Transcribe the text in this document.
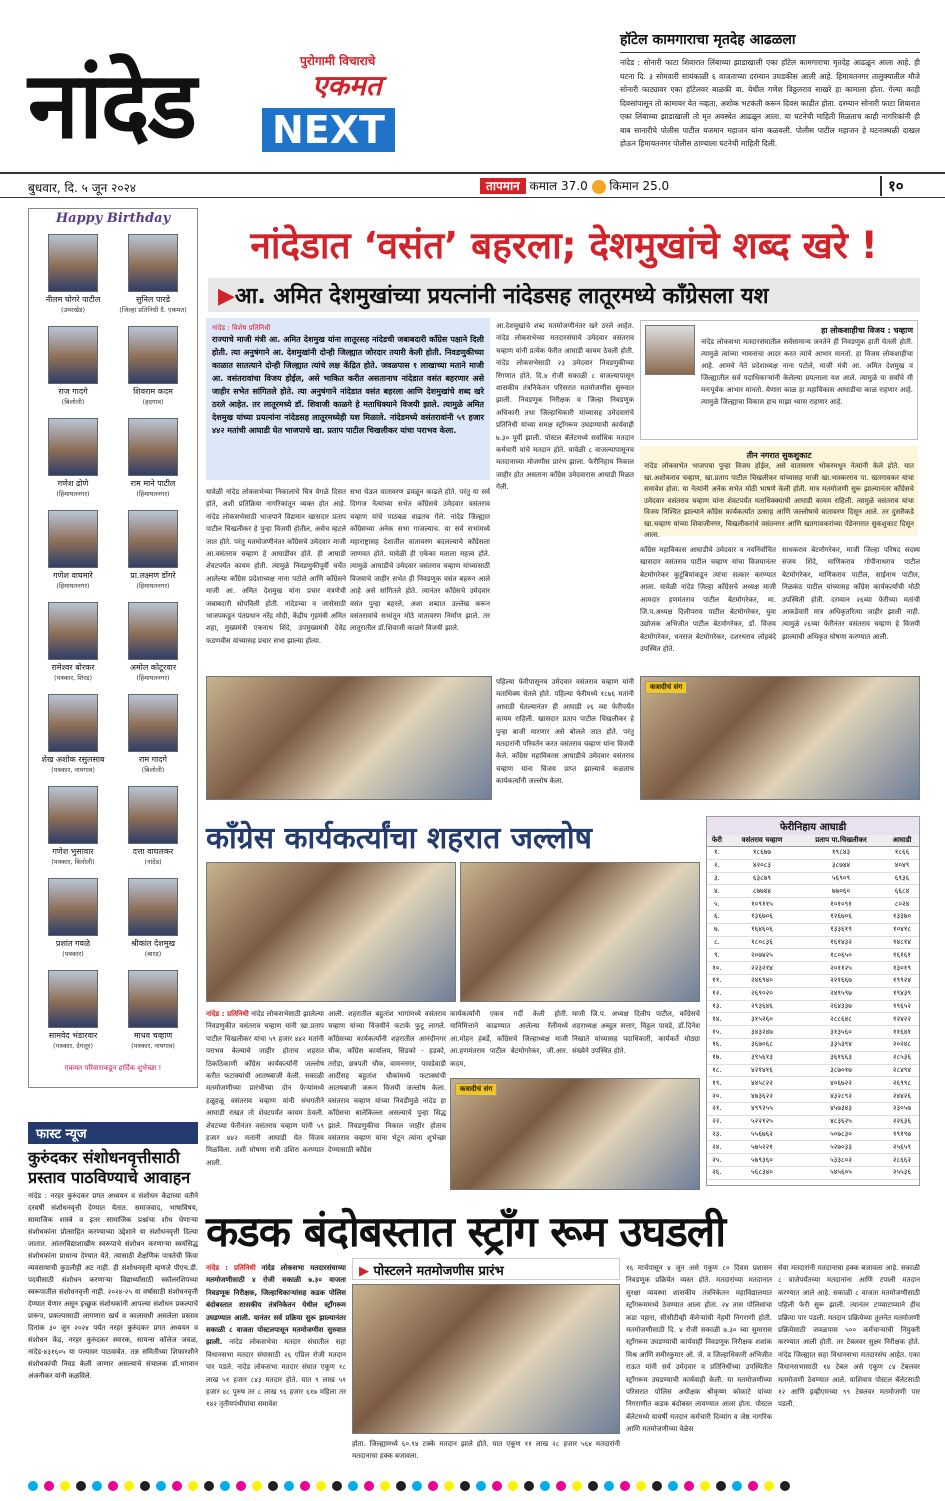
नांदेड	पुरोगामी विचाराचे
एकमत
NEXT
हॉटेल कामगाराचा मृतदेह आढळला

नांदेड : सोनारी फाटा शिवारात लिंबाच्या झाडाखाली एका हॉटेल कामगाराचा मृतदेह आढळून आला आहे. ही घटना दि. ३ सोमवारी सायंकाळी ६ वाजताच्या दरम्यान उघडकीस आली आहे. हिमायतनगर तालुक्यातील मौजे सोनारी फाट्यावर एका हॉटेलवर बाळकी वा. येथील गणेश विठ्ठलराव साखरे हा कामाला होता. गेल्या काही दिवसांपासून तो कामावर येत नव्हता, अशोक भटकंती करून दिवस काढीत होता. दरम्यान सोनारी फाटा शिवारात एका लिंबाच्या झाडाखाली तो मृत अवस्थेत आढळून आला. या घटनेची माहिती मिळताच काही नागरिकांनी ही बाब सानारीचे पोलीस पाटील यजमान महाजन यांना कळवली. पोलीस पाटील महाजन हे घटनास्थळी दाखल होऊन हिमायतनगर पोलीस ठाण्याला घटनेची माहिती दिली.

बुधवार, दि. ५ जून २०२४	तापमान कमाल 37.0 किमान 25.0	१०
Happy Birthday
नीलम घोगरे पाटील
(उमरखेड)
सुनिल पारडे
(जिल्हा प्रतिनिधी दै. एकमत)
राज गादगे
(बिलोली)
शिवराम कदम
(हदगाव)
गणेश ढोणे
(हिमायतनगर)
राम माने पाटील
(हिमायतनगर)
गणेश वाघमारे
(हिमायतनगर)
प्रा.लक्ष्मण डोंगरे
(हिमायतनगर)
रामेश्वर बोरकर
(पत्रकार, शिरड)
अमोल कोटूरवार
(हिमायतनगर)
शेख अशोक रसुलसाब
(पत्रकार, नायगाव)
राम गादगे
(बिलोली)
गणेश भुसावार
(पत्रकार, बिलोली)
दत्ता वाघलकर
(नांदेड)
प्रशांत गवळे
(पत्रकार)
श्रीकांत देशमुख
(बारड)
सामवेद भंडारवार
(पत्रकार, देगलूर)
माधव चव्हाण
(पत्रकार, नायगाव)
एकमत परिवाराकडून हार्दिक शुभेच्छा !
फास्ट न्यूज
कुरुंदकर संशोधनवृत्तीसाठी प्रस्ताव पाठविण्याचे आवाहन

नांदेड : नरहर कुरुंदकर प्रगत अध्ययन व संशोधन केंद्राच्या वतीने दरवर्षी संशोधनवृत्ती देण्यात येतात. समाजवाद, भाषाविषय, सामाजिक शास्त्रे व इतर सामाजिक प्रश्नांचा शोध घेणाऱ्या संशोधकांना प्रोत्साहित करण्याच्या उद्देशाने या संशोधनवृत्ती दिल्या जातात. आंतरविद्याशाखीय स्वरूपाचे संशोधन करणाऱ्या स्वयंसिद्ध संशोधकांना प्राधान्य देण्यात येते. त्यासाठी शैक्षणिक पात्रतेची किंवा व्यवसायाची कुठलीही अट नाही. ही संशोधनवृत्ती म्हणजे पीएच.डी. पदवीसाठी संशोधन करणाऱ्या विद्यार्थ्यांसाठी स्कॉलरशिपच्या स्वरूपातील संशोधनवृत्ती नाही. २०२४-२५ या वर्षासाठी संशोधनवृत्ती देण्यात येणार असून इच्छुक संशोधकांनी आपल्या संशोधन प्रकल्पाचे प्रारूप, प्रकल्पासाठी लागणारा खर्च व कालावधी असलेला प्रस्ताव दिनांक ३० जून २०२४ पर्यंत नरहर कुरुंदकर प्रगत अध्ययन व संशोधन केंद्र, नरहर कुरुंदकर स्मारक, सायन्स कॉलेज जवळ, नांदेड-४३१६०५ या पत्त्यावर पाठवावेत. तज्ञ समितीच्या शिफारशीने संशोधकांची निवड केली जाणार असल्याचे संचालक डॉ.भगवान अंजनीकर यांनी कळविले.

नांदेडात ‘वसंत’ बहरला; देशमुखांचे शब्द खरे !
▶आ. अमित देशमुखांच्या प्रयत्नांनी नांदेडसह लातूरमध्ये काँग्रेसला यश
नांदेड : विशेष प्रतिनिधी

राज्याचे माजी मंत्री आ. अमित देशमुख यांना लातूरसह नांदेडची जबाबदारी काँग्रेस पक्षाने दिली होती. त्या अनुषंगाने आ. देशमुखांनी दोन्ही जिल्ह्यात जोरदार तयारी केली होती. निवडणुकीच्या काळात सातत्याने दोन्ही जिल्ह्यात त्यांचे लक्ष केंद्रित होते. जवळपास १ लाखाच्या मताने माजी आ. वसंतरावांचा विजय होईल, असे भाकित करीत असतानाच नांदेडात वसंत बहरणार असे जाहीर सभेत सांगितले होते. त्या अनुषंगाने नांदेडात वसंत बहरला आणि देशमुखांचे शब्द खरे ठरले आहेत. तर लातूरमध्ये डॉ. शिवाजी काळगे हे मताधिक्याने विजयी झाले. त्यामुळे अमित देशमुख यांच्या प्रयत्नांना नांदेडसह लातूरमध्येही यश मिळाले. नांदेडमध्ये वसंतरावांनी ५९ हजार ४४२ मतांची आघाडी घेत भाजपाचे खा. प्रताप पाटील चिखलीकर यांचा पराभव केला.

यावेळी नांदेड लोकसभेच्या निकालाचे चित्र वेगळे दिसत होते, अशी प्रतिक्रिया नागरिकांतून व्यक्त होत आहे. नांदेड लोकसभेसाठी भाजपाने विद्यमान खासदार प्रताप पाटील चिखलीकर हे पुन्हा विजयी होतील, असेच म्हटले जात होते. परंतु मतमोजणीनंतर काँग्रेसचे उमेदवार माजी आ.वसंतराव चव्हाण हे आघाडीवर होते. ही आघाडी शेवटपर्यंत कायम होती. त्यामुळे निवडणुकीपूर्वी चर्चेत आलेल्या काँग्रेस प्रदेशाध्यक्ष नाना पटोले आणि काँग्रेसने माजी आ. अमित देशमुख यांना प्रचार यंत्रणेची जबाबदारी सोपविली होती. नांदेडच्या व जासेसाठी भाजपकडून पंतप्रधान नरेंद्र मोदी, केंद्रीय गृहमंत्री अमित शहा, मुख्यमंत्री एकनाथ शिंदे, उपमुख्यमंत्री देवेंद्र फडणवीस यांच्यासह प्रचार सभा झाल्या होत्या.
सभा घेऊन वातावरण ढवळून काढले होते. परंतु या सर्व दिग्गज नेत्यांच्या सभेत काँग्रेसचे उमेदवार वसंतराव चव्हाण यांचे पाठबळ वाढतच गेले. नांदेड जिल्ह्यात काँग्रेसच्या अनेक सभा गाजल्याच. या सर्व सभांमध्ये महाराष्ट्रासह देशातील वातावरण बदलल्याचे काँग्रेसला जाणवत होते. यावेळी ही एकेका मताला महत्त्व होते. त्यामुळे आघाडीचे उमेदवार वसंतराव चव्हाण यांच्यासाठी विजयाचे जाहीर सभेत ही निवडणूक वसंत बहरुन आले आहे असे सांगितले होते. त्यानंतर काँग्रेसचे उमेदवार वसंत पुन्हा बहरले, अशा शब्दात उल्लेख करून वसंतरावांचे सभांतून मोठे वातावरण निर्माण झाले. तर लातूरातील डॉ.शिवाजी काळगे विजयी झाले.
आ.देशमुखांचे शब्द मतमोजणीनंतर खरे ठरले आहेत. नांदेड लोकसभेच्या मतदारसंघाचे उमेदवार वसंतराव चव्हाण यांनी प्रत्येक फेरीत आघाडी कायम ठेवली होती. नांदेड लोकसभेसाठी २३ उमेदवार निवडणुकीच्या रिंगणात होते. दि.४ रोजी सकाळी ८ वाजल्यापासून शासकीय तंत्रनिकेतन परिसरात मतमोजणीस सुरुवात झाली. निवडणूक निरीक्षक व जिल्हा निवडणूक अधिकारी तथा जिल्हाधिकारी यांच्यासह उमेदवारांचे प्रतिनिधी यांच्या समक्ष स्ट्राँगरूम उघडण्याची कार्यवाही ७.३० पूर्वी झाली. पोस्टल बॅलेटमध्ये सर्वाधिक मतदान कर्मचारी यांचे मतदान होते. यावेळी ८ वाजल्यापासूनच मतदानाच्या मोजणीस प्रारंभ झाला. फेरीनिहाय निकाल जाहीर होत असताना काँग्रेस उमेदवारास आघाडी मिळत गेली.
हा लोकशाहीचा विजय : चव्हाण
नांदेड लोकसभा मतदारसंघातील सर्वसामान्य जनतेने ही निवडणूक हाती घेतली होती. त्यामुळे त्यांच्या भावनांचा आदर करत त्यांचे आभार मानतो. हा विजय लोकशाहीचा आहे. आमचे नेते प्रदेशाध्यक्ष नाना पटोले, माजी मंत्री आ. अमित देशमुख व जिल्ह्यातील सर्व पदाधिकाऱ्यांनी केलेल्या प्रयत्नाला यश आले. त्यामुळे या सर्वांचे मी मनःपूर्वक आभार मानतो. येणारा काळ हा महाविकास आघाडीचा काळ राहणार आहे. त्यामुळे जिल्ह्याचा विकास हाच माझा ध्यास राहणार आहे.
तीन नगरात सुकशुकाट
नांदेड लोकसभेत भाजपचा पुन्हा विजय होईल, असे वातावरण भोकरमधून नेत्यांनी केले होते. यात खा.अशोकराव चव्हाण, खा.प्रताप पाटील चिखलीकर यांच्यासह माजी खा.भास्करराव पा. खतगावकर यांचा समावेश होता. या नेत्यांनी अनेक सभेत मोठी भाषणे केली होती. मात्र मतमोजणी सुरू झाल्यानंतर काँग्रेसचे उमेदवार वसंतराव चव्हाण यांना शेवटपर्यंत मताधिक्क्याची आघाडी कायम राहिली. त्यामुळे वसंतराव यांचा विजय निश्चित झाल्याने काँग्रेस कार्यकर्त्यांत उत्साह आणि जल्लोषाचे वातावरण दिसून आले. तर दुसरीकडे खा.चव्हाण यांच्या शिवाजीनगर, चिखलीकरांचे वसंतनगर आणि खतगावकरांच्या पेंडेनगरात सुकशुकाट दिसून आला.
कॉंग्रेस महाविकास आघाडीचे उमेदवार व नवनिर्वाचित खासदार वसंतराव पाटील चव्हाण यांचा विजयानंतर बेटमोगरेकर कुटुंबियांकडून त्यांचा सत्कार करण्यात आला. यावेळी नांदेड जिल्हा काँग्रेसचे अध्यक्ष माजी आमदार हणमंतराव पाटील बेटमोगरेकर, मा. जि.प.अध्यक्ष दिलीपराव पाटील बेटमोगरेकर, युवा उद्योजक अभिजीत पाटील बेटमोगरेकर, डॉ. विजय बेटमोगरेकर, धनराज बेटमोगरेकर, दशरथराव लोहबंदे उपस्थित होते.
साधकराव बेटमोगरेकर, माजी जिल्हा परिषद सदस्य संजय शिंदे, माणिकराव गोपीनाथराव पाटील बेटमोगरेकर, माणिकराव पाटील, साईनाथ पाटील, निळकंठ पाटील यांच्यासह काँग्रेस कार्यकर्त्यांची मोठी उपस्थिती होती. दरम्यान २६व्या फेरीच्या मतांची आकडेवारी मात्र अधिकृतरित्या जाहीर झाली नाही. त्यामुळे २६च्या फेरीनंतर वसंतराव चव्हाण हे विजयी झाल्याची अधिकृत घोषणा करण्यात आली.
पहिल्या फेरीपासूनच उमेदवार वसंतराव चव्हाण यांनी मताधिक्य घेतले होते. पहिल्या फेरीमध्ये १८७६ मतांनी आघाडी घेतल्यानंतर ही आघाडी २६ व्या फेरीपर्यंत कायम राहिली. खासदार प्रताप पाटील चिखलीकर हे पुन्हा बाजी मारणार असे बोलले जात होते. परंतु मतदारांनी परिवर्तन करत वसंतराव चव्हाण यांना विजयी केले. काँग्रेस महाविकास आघाडीचे उमेदवार वसंतराव चव्हाण यांना विजय प्राप्त झाल्याचे कळताच कार्यकर्त्यांनी जल्लोष केला.
कत्रादीचं संग
काँग्रेस कार्यकर्त्यांचा शहरात जल्लोष
नांदेड : प्रतिनिधी नांदेड लोकसभेसाठी झालेल्या निवडणुकीत वसंतराव चव्हाण यांनी खा.प्रताप पाटील चिखलीकर यांचा ५९ हजार ४४२ मतांनी पराभव केल्याचे जाहीर होताच शहरात ठिकठिकाणी काँग्रेस कार्यकर्त्यांनी जल्लोष करीत फटाक्यांची आतषबाजी केली. सकाळी मतमोजणीच्या प्रारंभीच्या दोन फेऱ्यांमध्ये हळूहळू वसंतराव चव्हाण यांनी संथगतीने आघाडी राखत तो शेवटपर्यंत कायम ठेवली. शेवटच्या फेरीनंतर वसंतराव चव्हाण यांनी ५९ हजार ४४२ मतांनी आघाडी घेत विजय मिळविला. तशी घोषणा रात्री उशिरा करण्यात आली.
आली. शहरातील बहुतांश भागांमध्ये वसंतराव चव्हाण यांच्या विजयीने फटाके फुटू लागले. काँग्रेसच्या कार्यकर्त्यांनी शहरातील आनंदीनगर चौक, काँग्रेस कार्यालय, सिडको - हडको, तरोडा, छत्रपती चौक, वामननगर, पावडेवाडी आदींसह बहुतांश चौकांमध्ये फटाक्यांची आतषबाजी करून विजयी जल्लोष केला. वसंतराव चव्हाण यांच्या निवडीमुळे नांदेड हा काँग्रेसचा बालेकिल्ला असल्याचे पुन्हा सिद्ध झाले. निवडणुकीचा निकाल जाहीर होताच वसंतराव चव्हाण यांना भेटून त्यांना शुभेच्छा देण्यासाठी काँग्रेस
कार्यकर्त्यांनी एकच गर्दी केली होती. यानिमित्ताने काढण्यात आलेल्या रॅलीमध्ये आ.मोहन हंबर्डे, काँग्रेसचे जिल्हाध्यक्ष माजी आ.हणमंतराव पाटील बेटमोगरेकर, जी.आर. कदम,
माजी जि.प. अध्यक्ष दिलीप पाटील, काँग्रेसचे शहराध्यक्ष अब्दुल सत्तार, विठ्ठल पावडे, डॉ.दिनेश निखाते यांच्यासह पदाधिकारी, कार्यकर्ते मोठ्या संख्येने उपस्थित होते.
कत्रादीचं संग
फेरीनिहाय आघाडी
फेरी	वसंतराव चव्हाण	प्रताप पा.चिखलीकर	आघाडी
१.	१८६७७	१९८४३	१८६६
२.	४२०८३	३८७४४	४०४९
३.	६३८७९	५६९०९	६९३६
४.	८७७४४	७७०६०	६६८४
५.	१०९११५	१०१०९१	८०२४
६.	१३६७०६	१२६७०६	१३३७०
७.	१६४६०६	१३३६१९	१०४१८
८.	१८०८३६	१६१४३२	१४८१४
९.	२०७४२५	१८०६५०	१६१६१
१०.	२२३२१४	२०११२५	१३०१९
११.	२४६९४०	२२१६६७	१९९२४
१२.	२६९०२०	२४९५९७	१९४३९
१३.	२९३६४६	२६४३३७	१९६५२
१४.	३१५२६०	२८८६४८	१२४२२
१५.	३४३२४७	३१३५६०	११६४१
१६.	३६७०६८	३३५३९४	२०२४८
१७.	३९५६१३	३६१६६३	२८५३६
१८.	४२१४१६	३८७०१७	२८४९४
१९.	४४५८२२	४०६७२२	२६९९८
२०.	४७३६२२	४३२८९२	२४४२६
२१.	४९९२५५	४५७३४३	२३०५७
२२.	५२२१२५	४८३६२५	२२६३६
२३.	५५६७६२	५०७८३०	१९१९७
२४.	५७५२२१	५२७०३३	२५६५९
२५.	५७९३६०	५३३८०२	२८६६२
२६.	५६८३४०	५४५६०५	२५५३६
कडक बंदोबस्तात स्ट्रॉंग रूम उघडली
नांदेड : प्रतिनिधी नांदेड लोकसभा मतदारसंघाच्या मतमोजणीसाठी ४ रोजी सकाळी ७.३० वाजता निवडणूक निरीक्षक, जिल्हाधिकाऱ्यांसह कडक पोलिस बंदोबस्तात शासकीय तंत्रनिकेतन येथील स्ट्रॉंगरूम उघडण्यात आली. यानंतर सर्व प्रक्रिया सुरू झाल्यानंतर सकाळी ८ वाजता पोस्टलपासून मतमोजणीस सुरुवात झाली. नांदेड लोकसभेचा मतदार संघातील सहा विधानसभा मतदार संघासाठी २६ एप्रिल रोजी मतदान पार पडले. नांदेड लोकसभा मतदार संघात एकूण १८ लाख ५१ हजार ८४३ मतदार होते. यात ९ लाख ५१ हजार ४८ पुरुष तर ८ लाख ९६ हजार ६१७ महिला तर १४२ तृतीयपंथीयांचा समावेश
▶ पोस्टलने मतमोजणीस प्रारंभ
होता. जिल्ह्यामध्ये ६०.९४ टक्के मतदान झाले होते. यात एकूण ११ लाख २८ हजार ५६४ मतदारांनी मतदानाचा हक्क बजावला.
१६ मार्चपासून ४ जून असे एकूण ८० दिवस प्रशासन निवडणूक प्रक्रियेत व्यस्त होते. मतदारांच्या मतदानात सुरक्षा व्यवस्था शासकीय तंत्रनिकेतन महाविद्यालयात स्ट्रॉंगरूममध्ये ठेवण्यात आला होता. २४ तास पोलिसांचा कडा पहारा, सीसीटीव्ही कॅमेऱ्यांची नेहमी निगराणी होती. मतमोजणीसाठी दि. ४ रोजी सकाळी ७.३० च्या सुमारास स्ट्रॉंगरूम उघडण्याची कार्यवाही निवडणूक निरीक्षक शशांक मिश्र आणि समीरकुमार ओ. जे. व जिल्हाधिकारी अभिजीत राऊत यांनी सर्व उमेदवार व प्रतिनिधींच्या उपस्थितीत स्ट्रॉंगरूम उघडण्याची कार्यवाही केली. या मतमोजणीच्या परिसरात पोलिस अधीक्षक श्रीकृष्ण कोकाटे यांच्या निगराणीत कडक बंदोबस्त लावण्यात आला होता. पोस्टल बॅलेटमध्ये यावर्षी मतदान कर्मचारी दिव्यांग व जेष्ठ नागरिक आणि मतमोजणीच्या वेळेस
सेवा मतदारांनी मतदानाचा हक्क बजावला आहे. सकाळी ८ वाजेपर्यंतच्या मतदानांना आणि टपाली मतदान करण्यात आले आहे. सकाळी ८ वाजता मतमोजणीसाठी पहिली फेरी सुरू झाली. त्यानंतर टप्प्याटप्प्याने हीच प्रक्रिया पार पडली. मतदान प्रक्रियेच्या तुलनेत मतमोजणी प्रक्रियेसाठी जवळपास ५०० कर्मचाऱ्यांची नियुक्ती करण्यात आली होती. तर टेबलवर सुक्ष्म निरीक्षक होते. नांदेड जिल्ह्यात सहा विधानसभा मतदारसंघ आहेत. एका विधानसभासाठी १४ टेबल असे एकूण ८४ टेबलवर मतमोजणी ठेवण्यात आले. याशिवाय पोस्टल बॅलेटसाठी १२ आणि इव्हीएमच्या ९९ टेबलवर मतमोजणी पार पडली.
